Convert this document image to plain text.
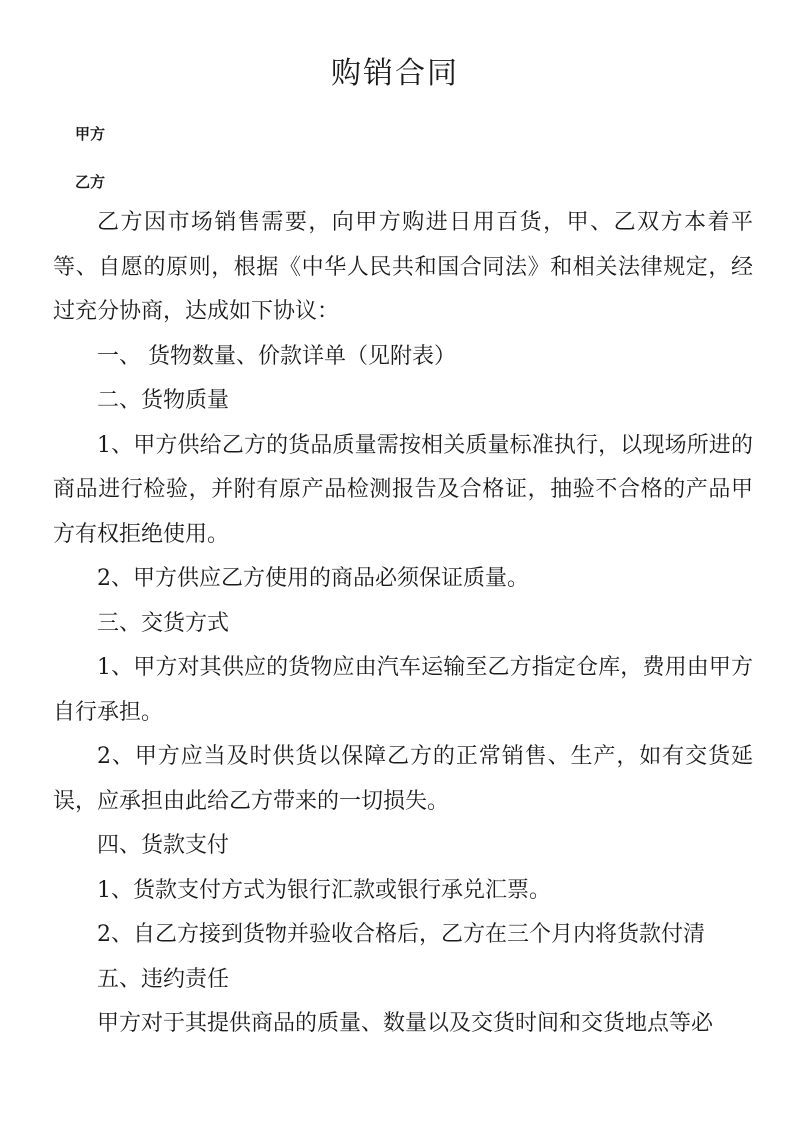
购销合同
甲方
乙方

乙方因市场销售需要，向甲方购进日用百货，甲、乙双方本着平等、自愿的原则，根据《中华人民共和国合同法》和相关法律规定，经过充分协商，达成如下协议：

一、 货物数量、价款详单（见附表）

二、货物质量

1、甲方供给乙方的货品质量需按相关质量标准执行，以现场所进的商品进行检验，并附有原产品检测报告及合格证，抽验不合格的产品甲方有权拒绝使用。

2、甲方供应乙方使用的商品必须保证质量。

三、交货方式

1、甲方对其供应的货物应由汽车运输至乙方指定仓库，费用由甲方自行承担。

2、甲方应当及时供货以保障乙方的正常销售、生产，如有交货延误，应承担由此给乙方带来的一切损失。

四、货款支付

1、货款支付方式为银行汇款或银行承兑汇票。

2、自乙方接到货物并验收合格后，乙方在三个月内将货款付清

五、违约责任

甲方对于其提供商品的质量、数量以及交货时间和交货地点等必
